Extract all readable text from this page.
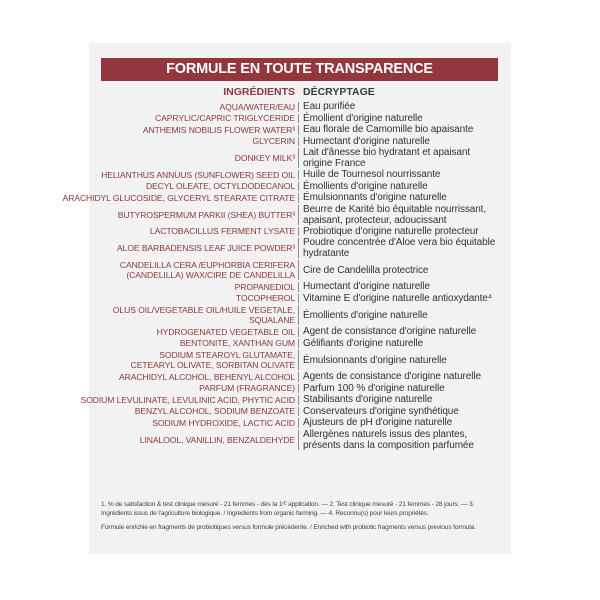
FORMULE EN TOUTE TRANSPARENCE
INGRÉDIENTS DÉCRYPTAGE
AQUA/WATER/EAU Eau purifiée
CAPRYLIC/CAPRIC TRIGLYCERIDE Émollient d'origine naturelle
ANTHEMIS NOBILIS FLOWER WATER³ Eau florale de Camomille bio apaisante
GLYCERIN Humectant d'origine naturelle
DONKEY MILK³ Lait d'ânesse bio hydratant et apaisant
origine France
HELIANTHUS ANNUUS (SUNFLOWER) SEED OIL Huile de Tournesol nourrissante
DECYL OLEATE, OCTYLDODECANOL Émollients d'origine naturelle
ARACHIDYL GLUCOSIDE, GLYCERYL STEARATE CITRATE Émulsionnants d'origine naturelle
BUTYROSPERMUM PARKII (SHEA) BUTTER³ Beurre de Karité bio équitable nourrissant,
apaisant, protecteur, adoucissant
LACTOBACILLUS FERMENT LYSATE Probiotique d'origine naturelle protecteur
ALOE BARBADENSIS LEAF JUICE POWDER³ Poudre concentrée d'Aloe vera bio équitable
hydratante
CANDELILLA CERA /EUPHORBIA CERIFERA
(CANDELILLA) WAX/CIRE DE CANDELILLA Cire de Candelilla protectrice
PROPANEDIOL Humectant d'origine naturelle
TOCOPHEROL Vitamine E d'origine naturelle antioxydante⁴
OLUS OIL/VEGETABLE OIL/HUILE VEGETALE,
SQUALANE Émollients d'origine naturelle
HYDROGENATED VEGETABLE OIL Agent de consistance d'origine naturelle
BENTONITE, XANTHAN GUM Gélifiants d'origine naturelle
SODIUM STEAROYL GLUTAMATE,
CETEARYL OLIVATE, SORBITAN OLIVATE Émulsionnants d'origine naturelle
ARACHIDYL ALCOHOL, BEHENYL ALCOHOL Agents de consistance d'origine naturelle
PARFUM (FRAGRANCE) Parfum 100 % d'origine naturelle
SODIUM LEVULINATE, LEVULINIC ACID, PHYTIC ACID Stabilisants d'origine naturelle
BENZYL ALCOHOL, SODIUM BENZOATE Conservateurs d'origine synthétique
SODIUM HYDROXIDE, LACTIC ACID Ajusteurs de pH d'origine naturelle
LINALOOL, VANILLIN, BENZALDEHYDE Allergènes naturels issus des plantes,
présents dans la composition parfumée

1. % de satisfaction & test clinique mesuré - 21 femmes - dès la 1ʳᴱ application. — 2. Test clinique mesuré - 21 femmes - 28 jours. — 3. Ingrédients issus de l'agriculture biologique. / Ingredients from organic farming. — 4. Reconnu(s) pour leurs propriétés.

Formule enrichie en fragments de probiotiques versus formule précédente. / Enriched with probiotic fragments versus previous formula.
